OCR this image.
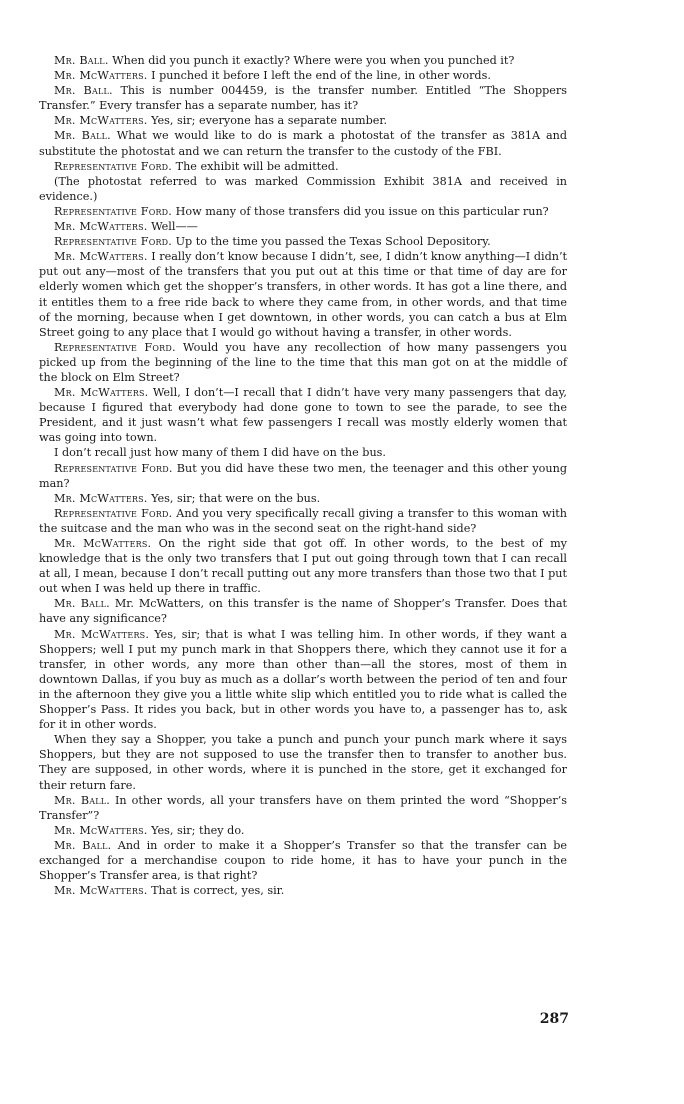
Mr. Ball. When did you punch it exactly? Where were you when you punched it?

Mr. McWatters. I punched it before I left the end of the line, in other words.

Mr. Ball. This is number 004459, is the transfer number. Entitled “The Shoppers Transfer.” Every transfer has a separate number, has it?

Mr. McWatters. Yes, sir; everyone has a separate number.

Mr. Ball. What we would like to do is mark a photostat of the transfer as 381A and substitute the photostat and we can return the transfer to the custody of the FBI.

Representative Ford. The exhibit will be admitted.

(The photostat referred to was marked Commission Exhibit 381A and received in evidence.)

Representative Ford. How many of those transfers did you issue on this particular run?

Mr. McWatters. Well——

Representative Ford. Up to the time you passed the Texas School Depository.

Mr. McWatters. I really don’t know because I didn’t, see, I didn’t know anything—I didn’t put out any—most of the transfers that you put out at this time or that time of day are for elderly women which get the shopper’s transfers, in other words. It has got a line there, and it entitles them to a free ride back to where they came from, in other words, and that time of the morning, because when I get downtown, in other words, you can catch a bus at Elm Street going to any place that I would go without having a transfer, in other words.

Representative Ford. Would you have any recollection of how many passengers you picked up from the beginning of the line to the time that this man got on at the middle of the block on Elm Street?

Mr. McWatters. Well, I don’t—I recall that I didn’t have very many passengers that day, because I figured that everybody had done gone to town to see the parade, to see the President, and it just wasn’t what few passengers I recall was mostly elderly women that was going into town.

I don’t recall just how many of them I did have on the bus.

Representative Ford. But you did have these two men, the teenager and this other young man?

Mr. McWatters. Yes, sir; that were on the bus.

Representative Ford. And you very specifically recall giving a transfer to this woman with the suitcase and the man who was in the second seat on the right-hand side?

Mr. McWatters. On the right side that got off. In other words, to the best of my knowledge that is the only two transfers that I put out going through town that I can recall at all, I mean, because I don’t recall putting out any more transfers than those two that I put out when I was held up there in traffic.

Mr. Ball. Mr. McWatters, on this transfer is the name of Shopper’s Transfer. Does that have any significance?

Mr. McWatters. Yes, sir; that is what I was telling him. In other words, if they want a Shoppers; well I put my punch mark in that Shoppers there, which they cannot use it for a transfer, in other words, any more than other than—all the stores, most of them in downtown Dallas, if you buy as much as a dollar’s worth between the period of ten and four in the afternoon they give you a little white slip which entitled you to ride what is called the Shopper’s Pass. It rides you back, but in other words you have to, a passenger has to, ask for it in other words.

When they say a Shopper, you take a punch and punch your punch mark where it says Shoppers, but they are not supposed to use the transfer then to transfer to another bus. They are supposed, in other words, where it is punched in the store, get it exchanged for their return fare.

Mr. Ball. In other words, all your transfers have on them printed the word “Shopper’s Transfer”?

Mr. McWatters. Yes, sir; they do.

Mr. Ball. And in order to make it a Shopper’s Transfer so that the transfer can be exchanged for a merchandise coupon to ride home, it has to have your punch in the Shopper’s Transfer area, is that right?

Mr. McWatters. That is correct, yes, sir.

287
